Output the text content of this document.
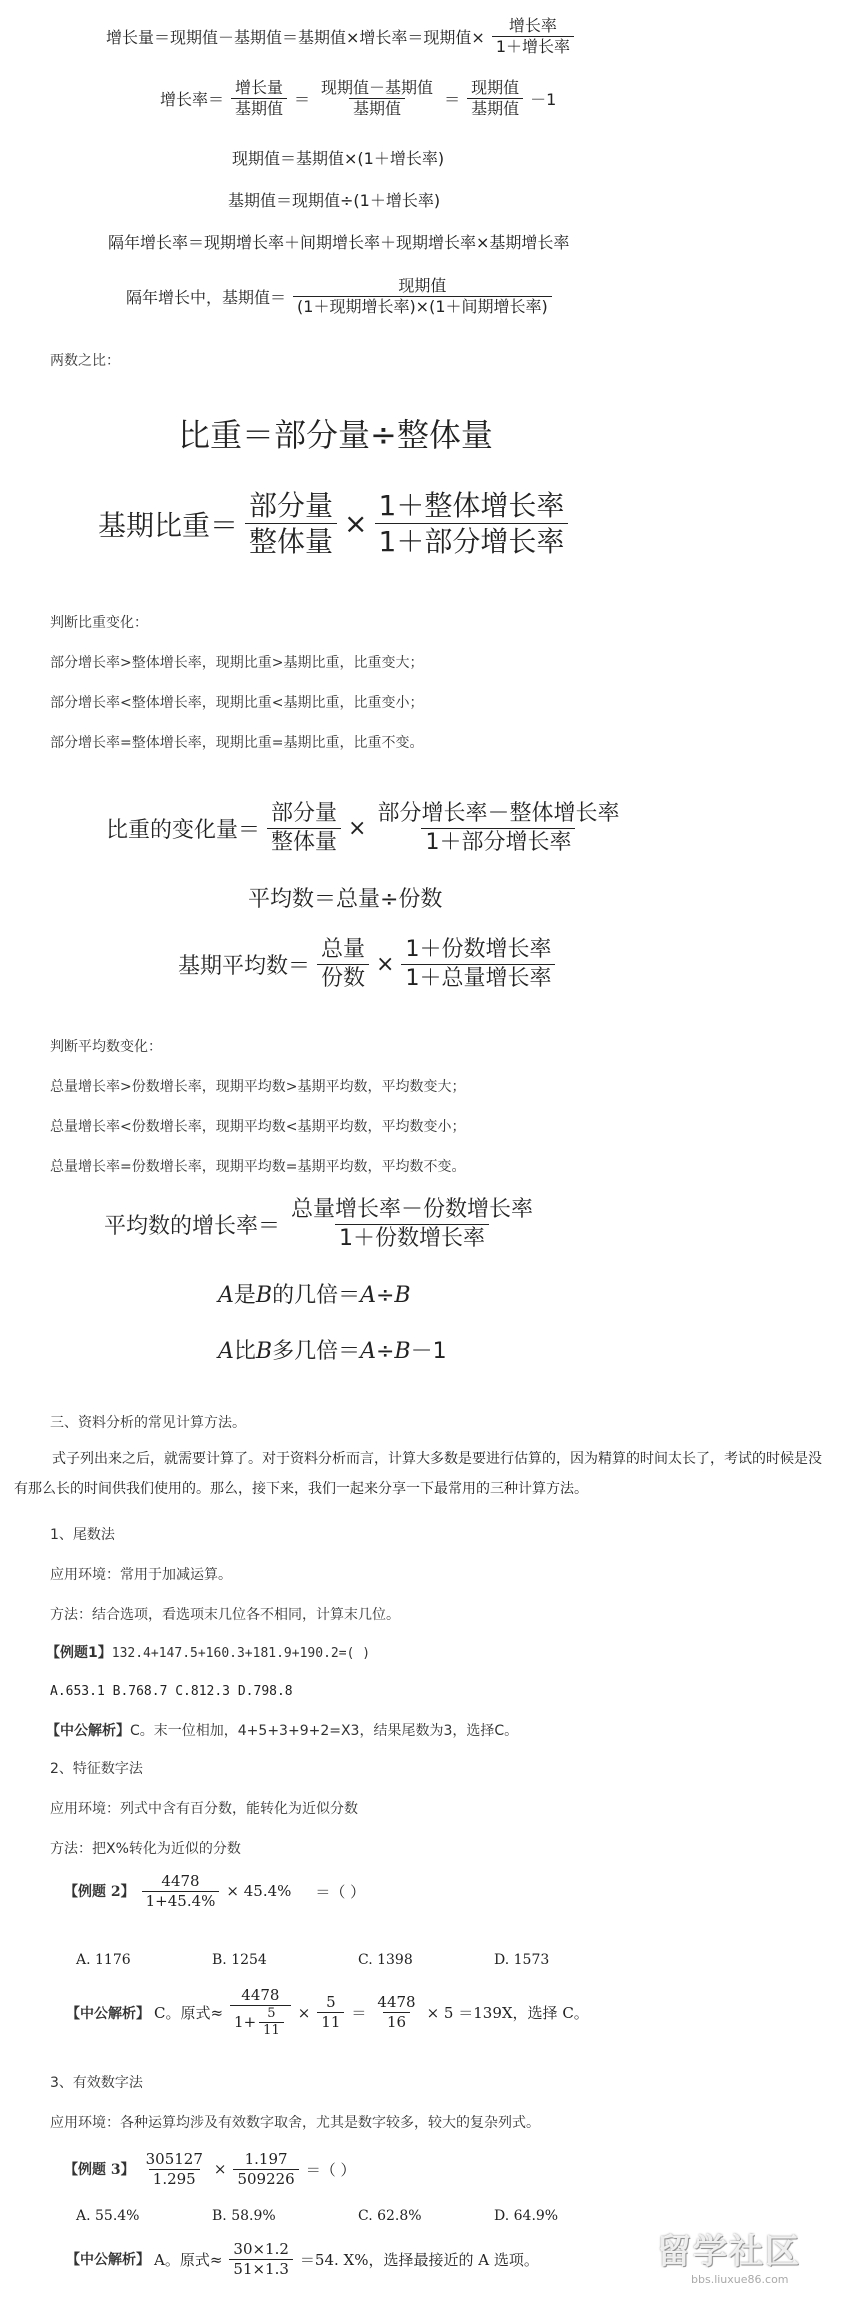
增长量＝现期值－基期值＝基期值×增长率＝现期值× $\frac{\text{增长率}}{\text{1＋增长率}}$
增长率＝ $\frac{\text{增长量}}{\text{基期值}} = \frac{\text{现期值－基期值}}{\text{基期值}} = \frac{\text{现期值}}{\text{基期值}} -1$
现期值＝基期值×(1＋增长率)
基期值＝现期值÷(1＋增长率)
隔年增长率＝现期增长率＋间期增长率＋现期增长率×基期增长率
隔年增长中，基期值＝ $\frac{\text{现期值}}{\text{(1＋现期增长率)×(1＋间期增长率)}}$
两数之比：
比重＝部分量÷整体量
基期比重＝ $\frac{\text{部分量}}{\text{整体量}} \times \frac{\text{1＋整体增长率}}{\text{1＋部分增长率}}$
判断比重变化：
部分增长率>整体增长率，现期比重>基期比重，比重变大；
部分增长率<整体增长率，现期比重<基期比重，比重变小；
部分增长率=整体增长率，现期比重=基期比重，比重不变。
比重的变化量＝ $\frac{\text{部分量}}{\text{整体量}} \times \frac{\text{部分增长率－整体增长率}}{\text{1＋部分增长率}}$
平均数＝总量÷份数
基期平均数＝ $\frac{\text{总量}}{\text{份数}} \times \frac{\text{1＋份数增长率}}{\text{1＋总量增长率}}$
判断平均数变化：
总量增长率>份数增长率，现期平均数>基期平均数，平均数变大；
总量增长率<份数增长率，现期平均数<基期平均数，平均数变小；
总量增长率=份数增长率，现期平均数=基期平均数，平均数不变。
平均数的增长率＝ $\frac{\text{总量增长率－份数增长率}}{\text{1＋份数增长率}}$
A是B的几倍＝A÷B
A比B多几倍＝A÷B－1
三、资料分析的常见计算方法。
式子列出来之后，就需要计算了。对于资料分析而言，计算大多数是要进行估算的，因为精算的时间太长了，考试的时候是没有那么长的时间供我们使用的。那么，接下来，我们一起来分享一下最常用的三种计算方法。
1、尾数法
应用环境：常用于加减运算。
方法：结合选项，看选项末几位各不相同，计算末几位。
【例题1】132.4+147.5+160.3+181.9+190.2=( )
A.653.1 B.768.7 C.812.3 D.798.8
【中公解析】C。末一位相加，4+5+3+9+2=X3，结果尾数为3，选择C。
2、特征数字法
应用环境：列式中含有百分数，能转化为近似分数
方法：把X%转化为近似的分数
【例题 2】 $\frac{4478}{1+45.4\%} \times 45.4\%$ ＝（ ）
A. 1176	B. 1254	C. 1398	D. 1573
【中公解析】 C。原式≈ $\frac{4478}{1+ \frac{5}{11}} \times \frac{5}{11} = \frac{4478}{16} \times 5 =139X$，选择 C。
3、有效数字法
应用环境：各种运算均涉及有效数字取舍，尤其是数字较多，较大的复杂列式。
【例题 3】 $\frac{305127}{1.295} \times \frac{1.197}{509226}$ ＝（ ）
A. 55.4%	B. 58.9%	C. 62.8%	D. 64.9%
【中公解析】 A。原式≈ $\frac{30\times 1.2}{51\times 1.3} =54$. X%，选择最接近的 A 选项。	留学社区
bbs.liuxue86.com
